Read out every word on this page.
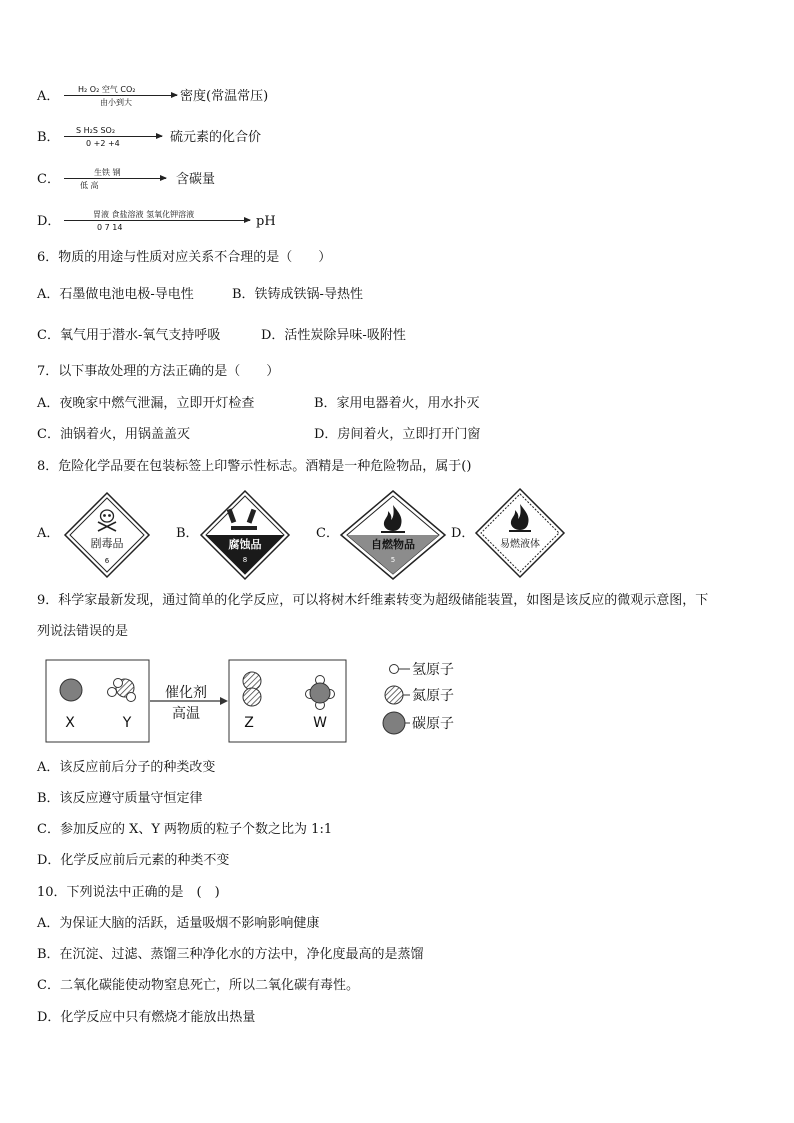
A． H₂ O₂ 空气 CO₂
由小到大	密度(常温常压)
B． S H₂S SO₂
0 +2 +4	硫元素的化合价
C．	生铁 钢
低 高	含碳量
D．	胃液 食盐溶液 氢氧化钾溶液
0 7 14	pH
6．物质的用途与性质对应关系不合理的是（　　）
A．石墨做电池电极-导电性	B．铁铸成铁锅-导热性
C．氧气用于潜水-氧气支持呼吸	D．活性炭除异味-吸附性
7．以下事故处理的方法正确的是（　　）
A．夜晚家中燃气泄漏，立即开灯检查	B．家用电器着火，用水扑灭
C．油锅着火，用锅盖盖灭	D．房间着火，立即打开门窗
8．危险化学品要在包装标签上印警示性标志。酒精是一种危险物品，属于()
A．	B．	C．	D．
剧毒品
6
腐蚀品
8
自燃物品
5
易燃液体
9．科学家最新发现，通过简单的化学反应，可以将树木纤维素转变为超级储能装置，如图是该反应的微观示意图，下
列说法错误的是
X	Y
催化剂
高温
Z	W
氢原子
氮原子
碳原子
A．该反应前后分子的种类改变
B．该反应遵守质量守恒定律
C．参加反应的 X、Y 两物质的粒子个数之比为 1:1
D．化学反应前后元素的种类不变
10．下列说法中正确的是　(　)
A．为保证大脑的活跃，适量吸烟不影响影响健康
B．在沉淀、过滤、蒸馏三种净化水的方法中，净化度最高的是蒸馏
C．二氧化碳能使动物窒息死亡，所以二氧化碳有毒性。
D．化学反应中只有燃烧才能放出热量
